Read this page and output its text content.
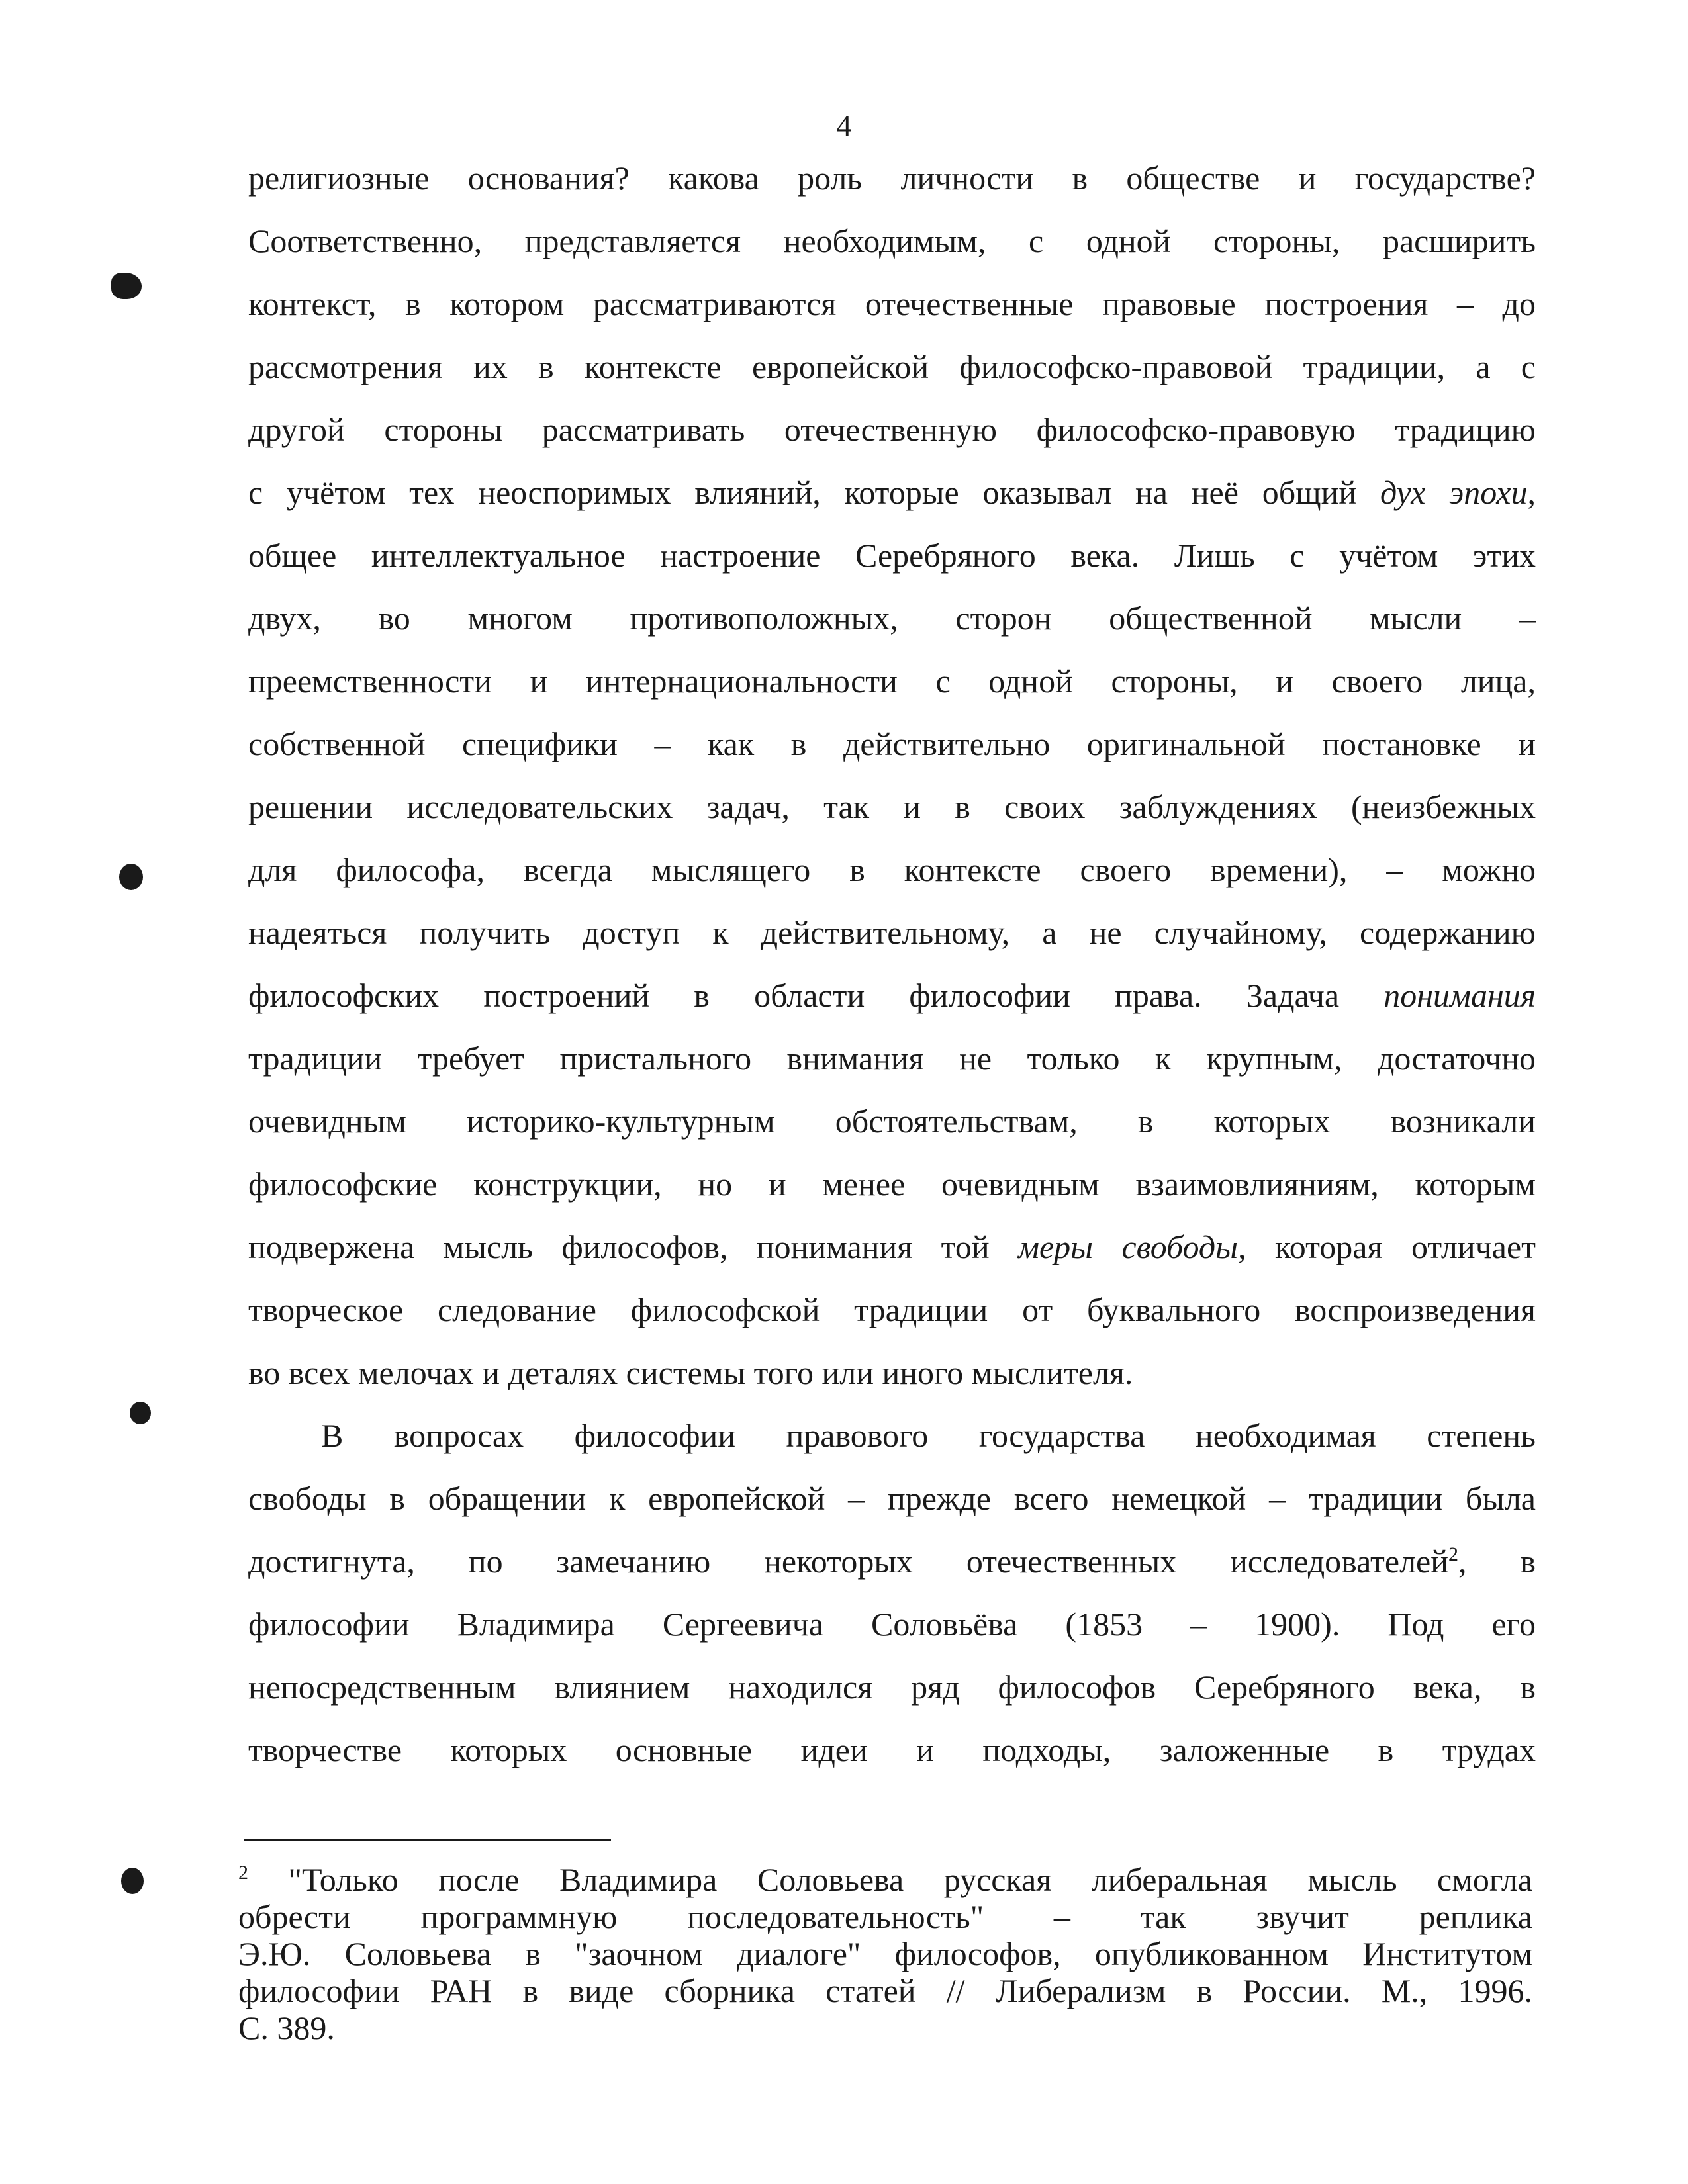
4
религиозные основания? какова роль личности в обществе и государстве?
Соответственно, представляется необходимым, с одной стороны, расширить
контекст, в котором рассматриваются отечественные правовые построения – до
рассмотрения их в контексте европейской философско-правовой традиции, а с
другой стороны рассматривать отечественную философско-правовую традицию
с учётом тех неоспоримых влияний, которые оказывал на неё общий дух эпохи,
общее интеллектуальное настроение Серебряного века. Лишь с учётом этих
двух, во многом противоположных, сторон общественной мысли –
преемственности и интернациональности с одной стороны, и своего лица,
собственной специфики – как в действительно оригинальной постановке и
решении исследовательских задач, так и в своих заблуждениях (неизбежных
для философа, всегда мыслящего в контексте своего времени), – можно
надеяться получить доступ к действительному, а не случайному, содержанию
философских построений в области философии права. Задача понимания
традиции требует пристального внимания не только к крупным, достаточно
очевидным историко-культурным обстоятельствам, в которых возникали
философские конструкции, но и менее очевидным взаимовлияниям, которым
подвержена мысль философов, понимания той меры свободы, которая отличает
творческое следование философской традиции от буквального воспроизведения
во всех мелочах и деталях системы того или иного мыслителя.
В вопросах философии правового государства необходимая степень
свободы в обращении к европейской – прежде всего немецкой – традиции была
достигнута, по замечанию некоторых отечественных исследователей$^2$, в
философии Владимира Сергеевича Соловьёва (1853 – 1900). Под его
непосредственным влиянием находился ряд философов Серебряного века, в
творчестве которых основные идеи и подходы, заложенные в трудах
$^2$ "Только после Владимира Соловьева русская либеральная мысль смогла
обрести программную последовательность" – так звучит реплика
Э.Ю. Соловьева в "заочном диалоге" философов, опубликованном Институтом
философии РАН в виде сборника статей // Либерализм в России. М., 1996.
С. 389.
